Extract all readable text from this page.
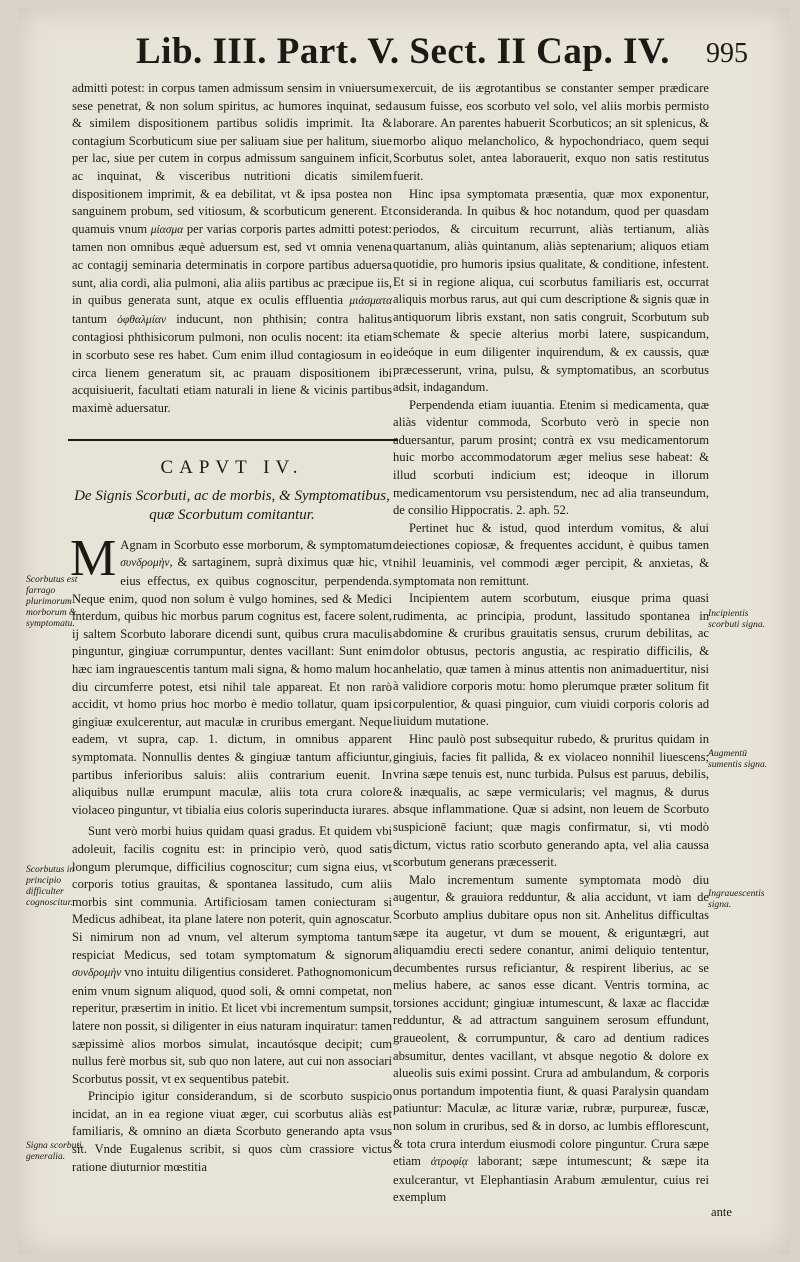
Lib. III. Part. V. Sect. II Cap. IV. 995
Scorbutus est farrago plurimorum morborum & symptomatu.
Scorbutus in principio difficulter cognoscitur.
Signa scorbuti generalia.
Incipientis scorbuti signa.
Augmentū sumentis signa.
Ingrauescentis signa.

admitti potest: in corpus tamen admissum sensim in vniuersum sese penetrat, & non solum spiritus, ac humores inquinat, sed & similem dispositionem partibus solidis imprimit. Ita & contagium Scorbuticum siue per saliuam siue per halitum, siue per lac, siue per cutem in corpus admissum sanguinem inficit, ac inquinat, & visceribus nutritioni dicatis similem dispositionem imprimit, & ea debilitat, vt & ipsa postea non sanguinem probum, sed vitiosum, & scorbuticum generent. Et quamuis vnum μίασμα per varias corporis partes admitti potest: tamen non omnibus æquè aduersum est, sed vt omnia venena ac contagij seminaria determinatis in corpore partibus aduersa sunt, alia cordi, alia pulmoni, alia aliis partibus ac præcipue iis, in quibus generata sunt, atque ex oculis effluentia μιάσματα tantum ὀφθαλμίαν inducunt, non phthisin; contra halitus contagiosi phthisicorum pulmoni, non oculis nocent: ita etiam in scorbuto sese res habet. Cum enim illud contagiosum in eo circa lienem generatum sit, ac prauam dispositionem ibi acquisiuerit, facultati etiam naturali in liene & vicinis partibus maximè aduersatur.

CAPVT IV.
De Signis Scorbuti, ac de morbis, & Symptomatibus, quæ Scorbutum comitantur.

M Agnam in Scorbuto esse morborum, & symptomatum συνδρομὴν, & sartaginem, suprà diximus quæ hic, vt eius effectus, ex quibus cognoscitur, perpendenda. Neque enim, quod non solum è vulgo homines, sed & Medici interdum, quibus hic morbus parum cognitus est, facere solent, ij saltem Scorbuto laborare dicendi sunt, quibus crura maculis pinguntur, gingiuæ corrumpuntur, dentes vacillant: Sunt enim hæc iam ingrauescentis tantum mali signa, & homo malum hoc diu circumferre potest, etsi nihil tale appareat. Et non rarò accidit, vt homo prius hoc morbo è medio tollatur, quam ipsi gingiuæ exulcerentur, aut maculæ in cruribus emergant. Neque eadem, vt supra, cap. 1. dictum, in omnibus apparent symptomata. Nonnullis dentes & gingiuæ tantum afficiuntur, partibus inferioribus saluis: aliis contrarium euenit. In aliquibus nullæ erumpunt maculæ, aliis tota crura colore violaceo pinguntur, vt tibialia eius coloris superinducta iurares.

Sunt verò morbi huius quidam quasi gradus. Et quidem vbi adoleuit, facilis cognitu est: in principio verò, quod satis longum plerumque, difficilius cognoscitur; cum signa eius, vt corporis totius grauitas, & spontanea lassitudo, cum aliis morbis sint communia. Artificiosam tamen coniecturam si Medicus adhibeat, ita plane latere non poterit, quin agnoscatur. Si nimirum non ad vnum, vel alterum symptoma tantum respiciat Medicus, sed totam symptomatum & signorum συνδρομὴν vno intuitu diligentius consideret. Pathognomonicum enim vnum signum aliquod, quod soli, & omni competat, non reperitur, præsertim in initio. Et licet vbi incrementum sumpsit, latere non possit, si diligenter in eius naturam inquiratur: tamen sæpissimè alios morbos simulat, incautósque decipit; cum nullus ferè morbus sit, sub quo non latere, aut cui non associari Scorbutus possit, vt ex sequentibus patebit.

Principio igitur considerandum, si de scorbuto suspicio incidat, an in ea regione viuat æger, cui scorbutus aliàs est familiaris, & omnino an diæta Scorbuto generando apta vsus sit. Vnde Eugalenus scribit, si quos cùm crassiore victus ratione diuturnior mœstitia

exercuit, de iis ægrotantibus se constanter semper prædicare ausum fuisse, eos scorbuto vel solo, vel aliis morbis permisto laborare. An parentes habuerit Scorbuticos; an sit splenicus, & morbo aliquo melancholico, & hypochondriaco, quem sequi Scorbutus solet, antea laborauerit, exquo non satis restitutus fuerit.

Hinc ipsa symptomata præsentia, quæ mox exponentur, consideranda. In quibus & hoc notandum, quod per quasdam periodos, & circuitum recurrunt, aliàs tertianum, aliàs quartanum, aliàs quintanum, aliàs septenarium; aliquos etiam quotidie, pro humoris ipsius qualitate, & conditione, infestent. Et si in regione aliqua, cui scorbutus familiaris est, occurrat aliquis morbus rarus, aut qui cum descriptione & signis quæ in antiquorum libris exstant, non satis congruit, Scorbutum sub schemate & specie alterius morbi latere, suspicandum, ideóque in eum diligenter inquirendum, & ex caussis, quæ præcesserunt, vrina, pulsu, & symptomatibus, an scorbutus adsit, indagandum.

Perpendenda etiam iuuantia. Etenim si medicamenta, quæ aliàs videntur commoda, Scorbuto verò in specie non aduersantur, parum prosint; contrà ex vsu medicamentorum huic morbo accommodatorum æger melius sese habeat: & illud scorbuti indicium est; ideoque in illorum medicamentorum vsu persistendum, nec ad alia transeundum, de consilio Hippocratis. 2. aph. 52.

Pertinet huc & istud, quod interdum vomitus, & alui deiectiones copiosæ, & frequentes accidunt, è quibus tamen nihil leuaminis, vel commodi æger percipit, & anxietas, & symptomata non remittunt.

Incipientem autem scorbutum, eiusque prima quasi rudimenta, ac principia, produnt, lassitudo spontanea in abdomine & cruribus grauitatis sensus, crurum debilitas, ac dolor obtusus, pectoris angustia, ac respiratio difficilis, & anhelatio, quæ tamen à minus attentis non animaduertitur, nisi à validiore corporis motu: homo plerumque præter solitum fit corpulentior, & quasi pinguior, cum viuidi corporis coloris ad liuidum mutatione.

Hinc paulò post subsequitur rubedo, & pruritus quidam in gingiuis, facies fit pallida, & ex violaceo nonnihil liuescens; vrina sæpe tenuis est, nunc turbida. Pulsus est paruus, debilis, & inæqualis, ac sæpe vermicularis; vel magnus, & durus absque inflammatione. Quæ si adsint, non leuem de Scorbuto suspicionē faciunt; quæ magis confirmatur, si, vti modò dictum, victus ratio scorbuto generando apta, vel alia caussa scorbutum generans præcesserit.

Malo incrementum sumente symptomata modò diu augentur, & grauiora redduntur, & alia accidunt, vt iam de Scorbuto amplius dubitare opus non sit. Anhelitus difficultas sæpe ita augetur, vt dum se mouent, & eriguntægri, aut aliquamdiu erecti sedere conantur, animi deliquio tententur, decumbentes rursus reficiantur, & respirent liberius, ac se melius habere, ac sanos esse dicant. Ventris tormina, ac torsiones accidunt; gingiuæ intumescunt, & laxæ ac flaccidæ redduntur, & ad attractum sanguinem serosum effundunt, graueolent, & corrumpuntur, & caro ad dentium radices absumitur, dentes vacillant, vt absque negotio & dolore ex alueolis suis eximi possint. Crura ad ambulandum, & corporis onus portandum impotentia fiunt, & quasi Paralysin quandam patiuntur: Maculæ, ac lituræ variæ, rubræ, purpureæ, fuscæ, non solum in cruribus, sed & in dorso, ac lumbis efflorescunt, & tota crura interdum eiusmodi colore pinguntur. Crura sæpe etiam ἀτροφίᾳ laborant; sæpe intumescunt; & sæpe ita exulcerantur, vt Elephantiasin Arabum æmulentur, cuius rei exemplum

ante
